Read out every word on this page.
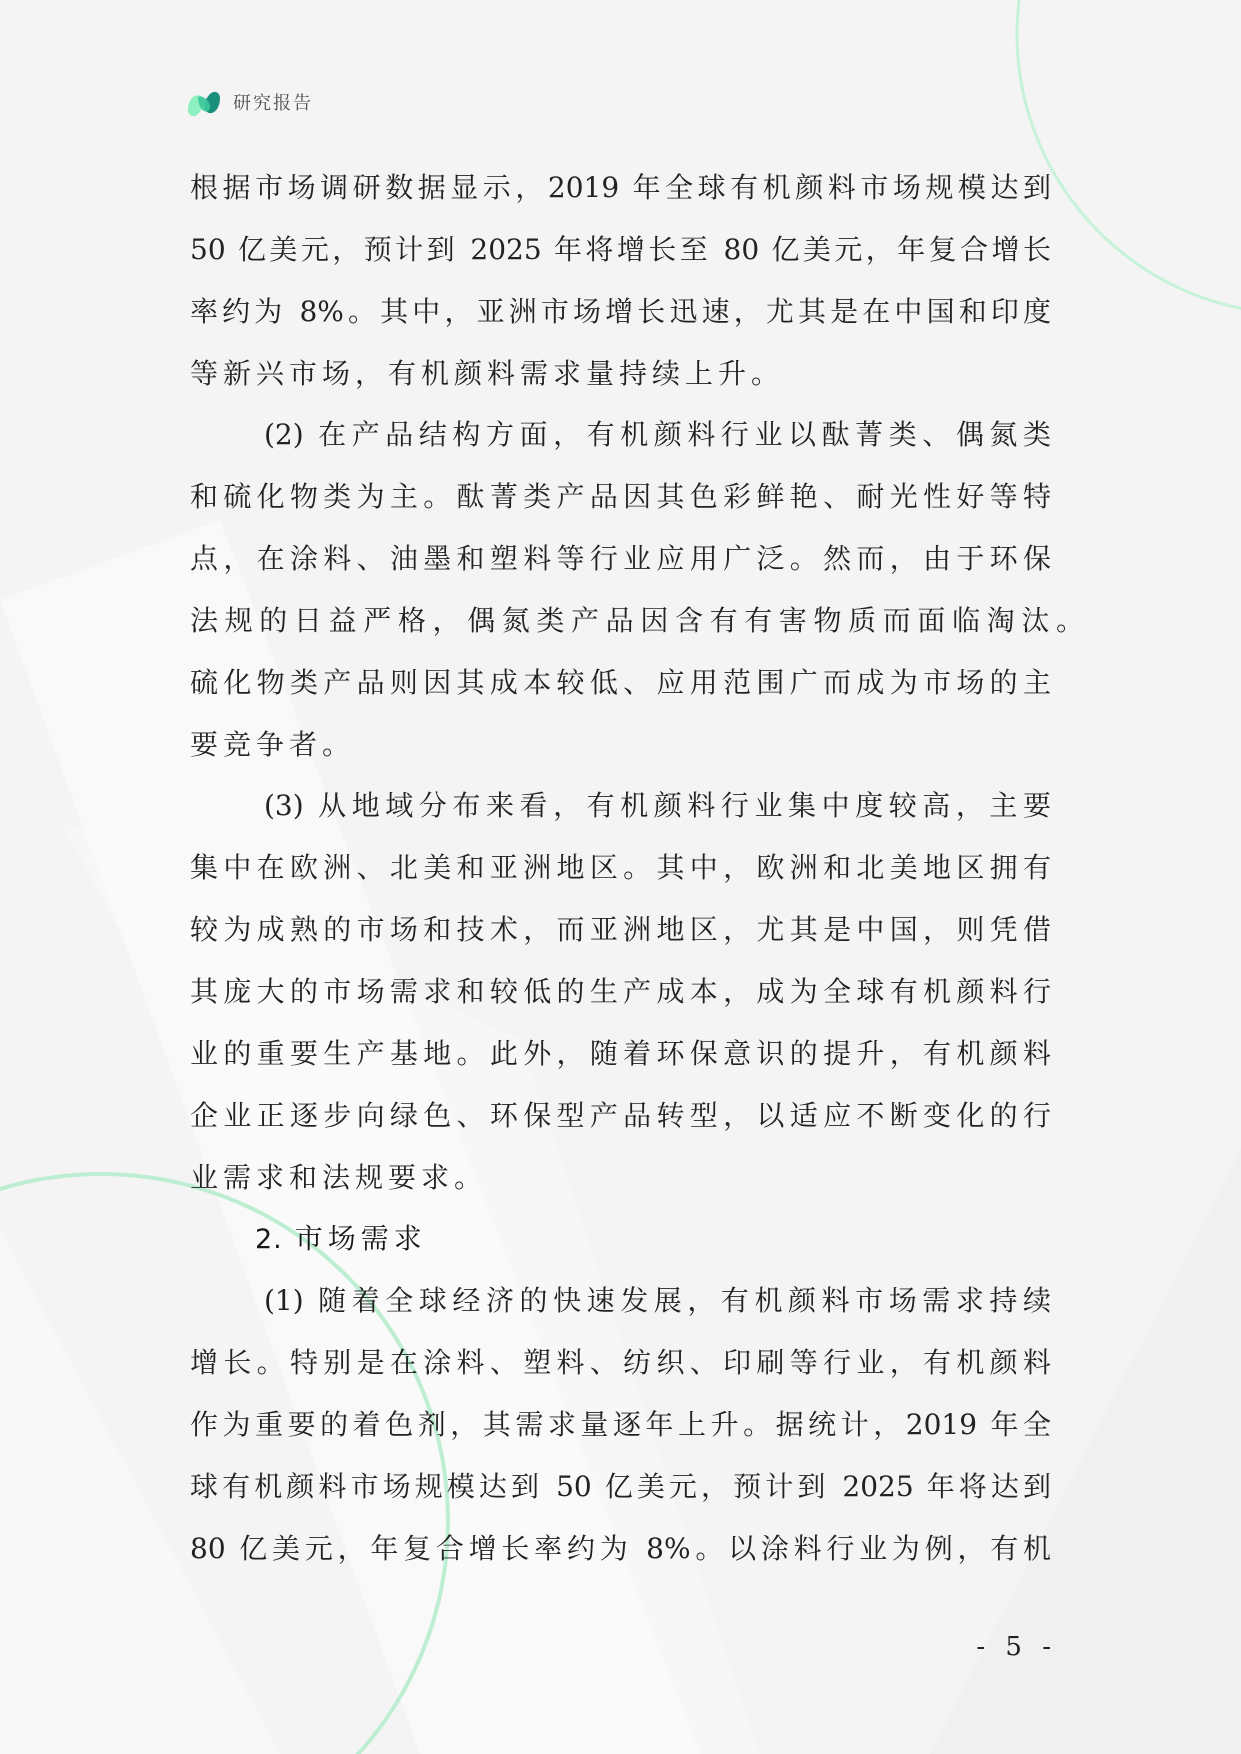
研究报告
根据市场调研数据显示，2019 年全球有机颜料市场规模达到
50 亿美元，预计到 2025 年将增长至 80 亿美元，年复合增长
率约为 8%。其中，亚洲市场增长迅速，尤其是在中国和印度
等新兴市场，有机颜料需求量持续上升。
(2) 在产品结构方面，有机颜料行业以酞菁类、偶氮类
和硫化物类为主。酞菁类产品因其色彩鲜艳、耐光性好等特
点，在涂料、油墨和塑料等行业应用广泛。然而，由于环保
法规的日益严格，偶氮类产品因含有有害物质而面临淘汰。
硫化物类产品则因其成本较低、应用范围广而成为市场的主
要竞争者。
(3) 从地域分布来看，有机颜料行业集中度较高，主要
集中在欧洲、北美和亚洲地区。其中，欧洲和北美地区拥有
较为成熟的市场和技术，而亚洲地区，尤其是中国，则凭借
其庞大的市场需求和较低的生产成本，成为全球有机颜料行
业的重要生产基地。此外，随着环保意识的提升，有机颜料
企业正逐步向绿色、环保型产品转型，以适应不断变化的行
业需求和法规要求。
2. 市场需求
(1) 随着全球经济的快速发展，有机颜料市场需求持续
增长。特别是在涂料、塑料、纺织、印刷等行业，有机颜料
作为重要的着色剂，其需求量逐年上升。据统计，2019 年全
球有机颜料市场规模达到 50 亿美元，预计到 2025 年将达到
80 亿美元，年复合增长率约为 8%。以涂料行业为例，有机
- 5 -
